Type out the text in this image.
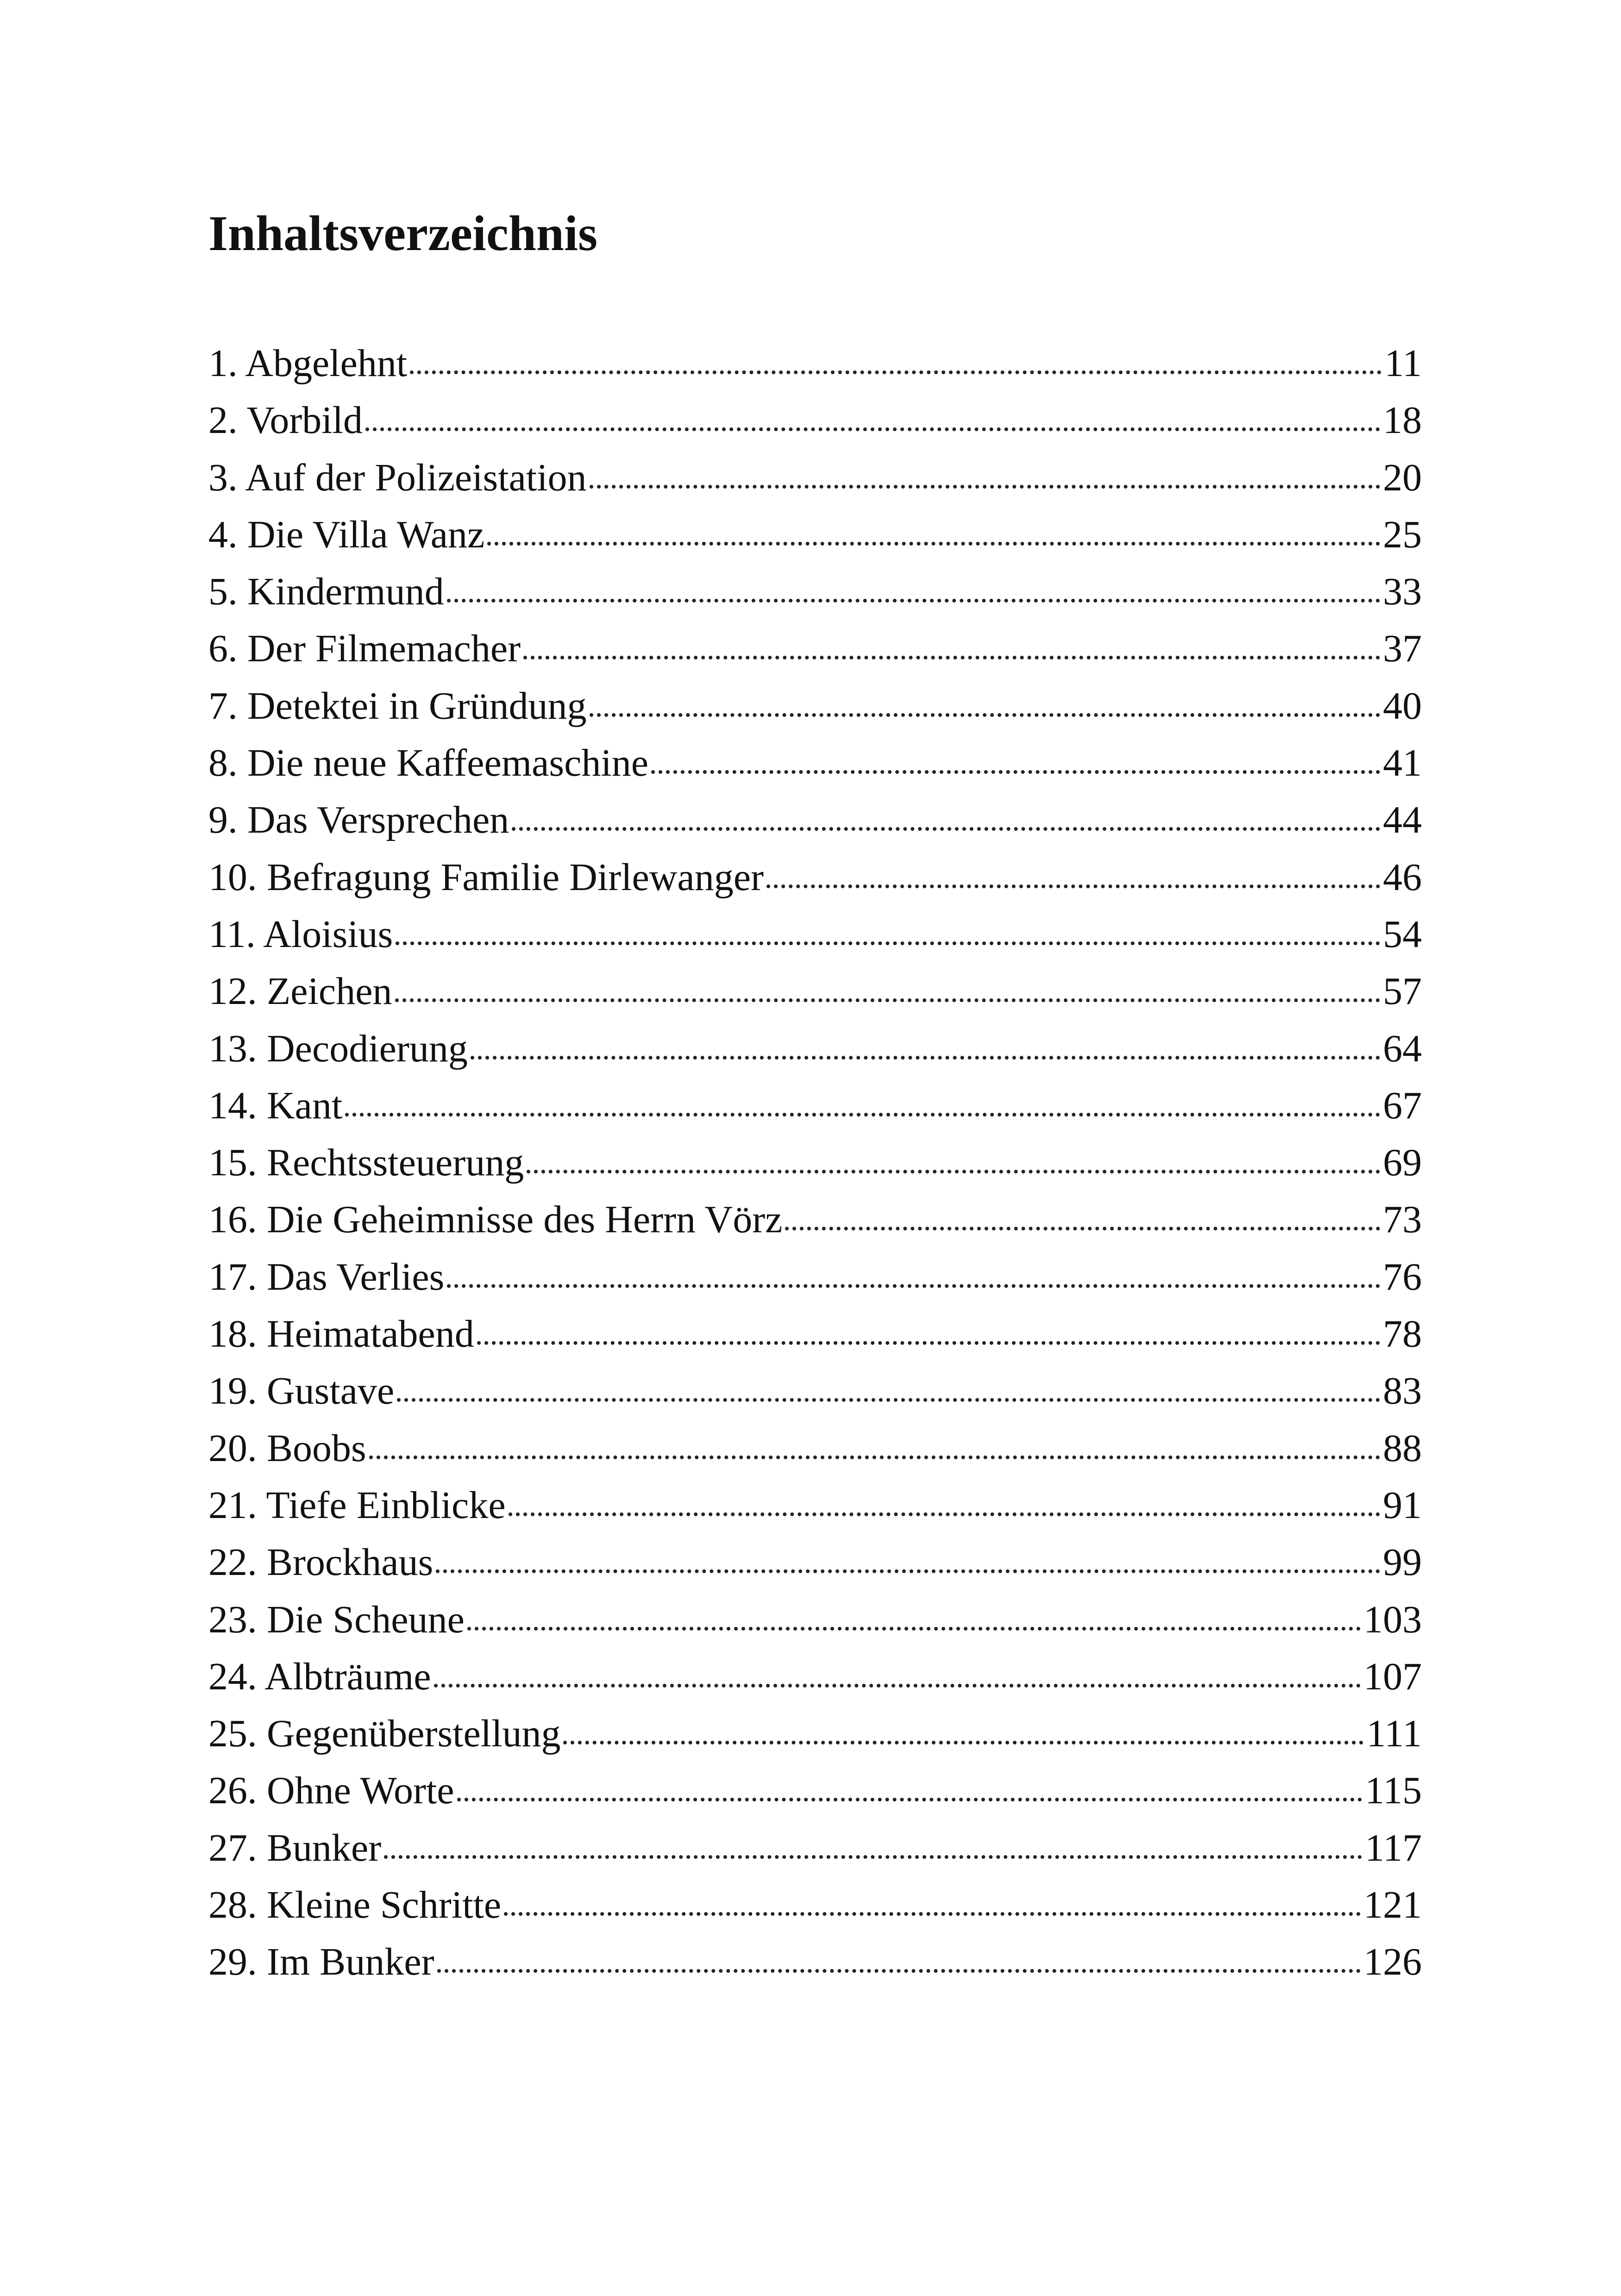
Inhaltsverzeichnis
1. Abgelehnt	11
2. Vorbild	18
3. Auf der Polizeistation	20
4. Die Villa Wanz	25
5. Kindermund	33
6. Der Filmemacher	37
7. Detektei in Gründung	40
8. Die neue Kaffeemaschine	41
9. Das Versprechen	44
10. Befragung Familie Dirlewanger	46
11. Aloisius	54
12. Zeichen	57
13. Decodierung	64
14. Kant	67
15. Rechtssteuerung	69
16. Die Geheimnisse des Herrn Vörz	73
17. Das Verlies	76
18. Heimatabend	78
19. Gustave	83
20. Boobs	88
21. Tiefe Einblicke	91
22. Brockhaus	99
23. Die Scheune	103
24. Albträume	107
25. Gegenüberstellung	111
26. Ohne Worte	115
27. Bunker	117
28. Kleine Schritte	121
29. Im Bunker	126
